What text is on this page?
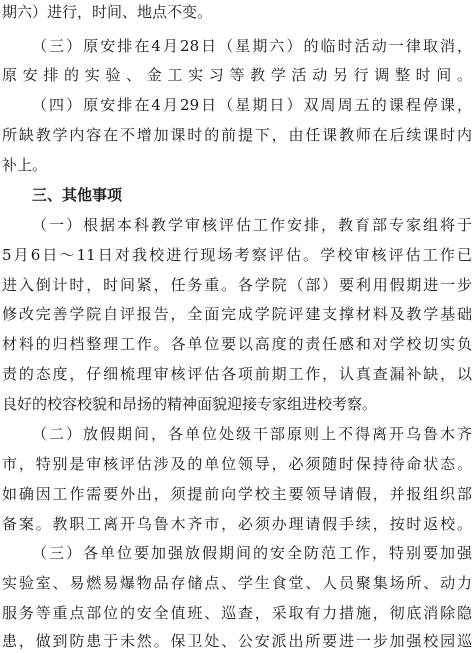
期六）进行，时间、地点不变。
（三）原安排在4月28日（星期六）的临时活动一律取消，
原安排的实验、金工实习等教学活动另行调整时间。
（四）原安排在4月29日（星期日）双周周五的课程停课，
所缺教学内容在不增加课时的前提下，由任课教师在后续课时内
补上。
三、其他事项
（一）根据本科教学审核评估工作安排，教育部专家组将于
5月6日～11日对我校进行现场考察评估。学校审核评估工作已
进入倒计时，时间紧，任务重。各学院（部）要利用假期进一步
修改完善学院自评报告，全面完成学院评建支撑材料及教学基础
材料的归档整理工作。各单位要以高度的责任感和对学校切实负
责的态度，仔细梳理审核评估各项前期工作，认真查漏补缺，以
良好的校容校貌和昂扬的精神面貌迎接专家组进校考察。
（二）放假期间，各单位处级干部原则上不得离开乌鲁木齐
市，特别是审核评估涉及的单位领导，必须随时保持待命状态。
如确因工作需要外出，须提前向学校主要领导请假，并报组织部
备案。教职工离开乌鲁木齐市，必须办理请假手续，按时返校。
（三）各单位要加强放假期间的安全防范工作，特别要加强
实验室、易燃易爆物品存储点、学生食堂、人员聚集场所、动力
服务等重点部位的安全值班、巡查，采取有力措施，彻底消除隐
患，做到防患于未然。保卫处、公安派出所要进一步加强校园巡
